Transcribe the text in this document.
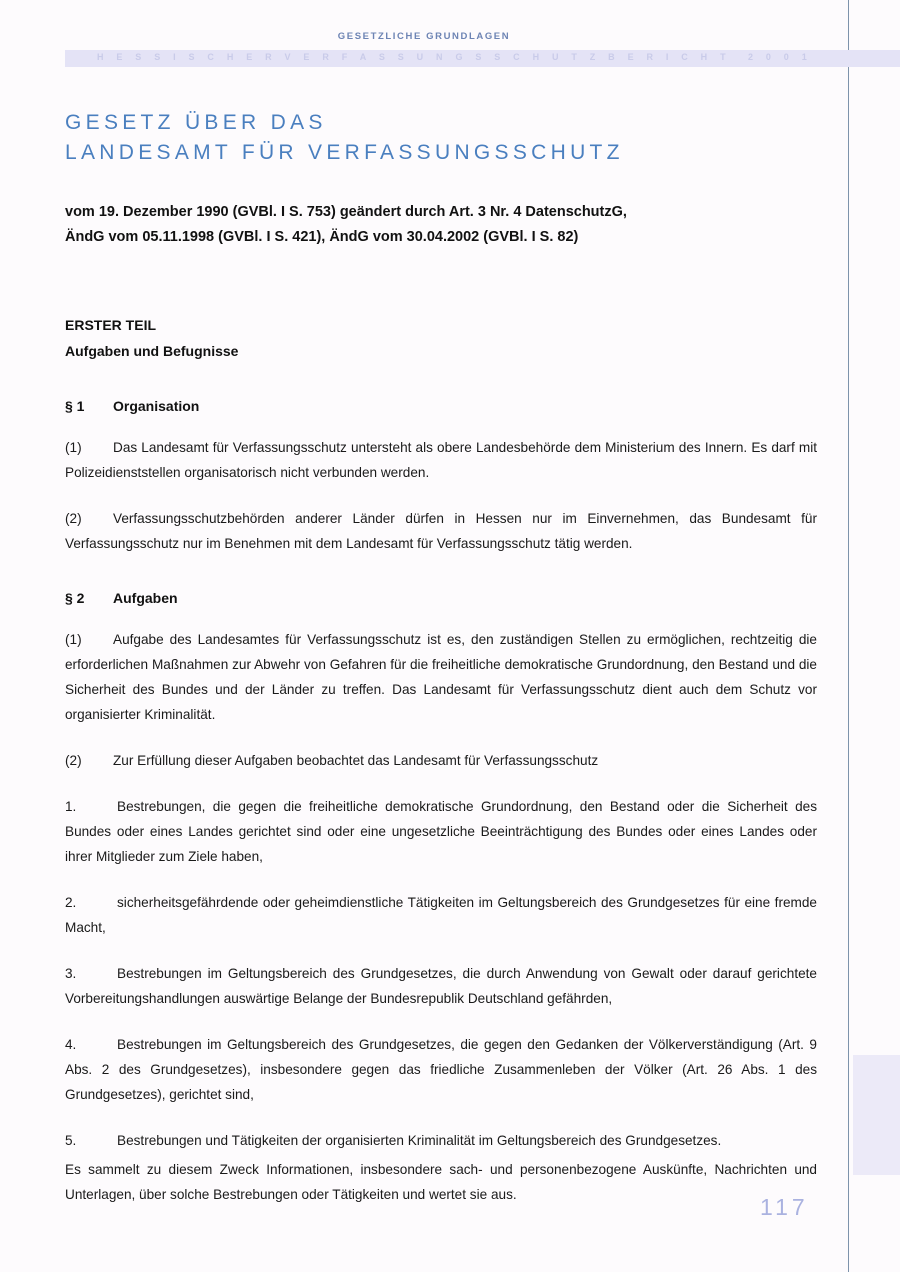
GESETZLICHE GRUNDLAGEN
H E S S I S C H E R V E R F A S S U N G S S C H U T Z B E R I C H T	2 0 0 1
GESETZ ÜBER DAS
LANDESAMT FÜR VERFASSUNGSSCHUTZ
vom 19. Dezember 1990 (GVBl. I S. 753) geändert durch Art. 3 Nr. 4 DatenschutzG,
ÄndG vom 05.11.1998 (GVBl. I S. 421), ÄndG vom 30.04.2002 (GVBl. I S. 82)
ERSTER TEIL
Aufgaben und Befugnisse
§ 1 Organisation

(1) Das Landesamt für Verfassungsschutz untersteht als obere Landesbehörde dem Ministerium des Innern. Es darf mit Polizeidienststellen organisatorisch nicht verbunden werden.

(2) Verfassungsschutzbehörden anderer Länder dürfen in Hessen nur im Einvernehmen, das Bundesamt für Verfassungsschutz nur im Benehmen mit dem Landesamt für Verfassungsschutz tätig werden.

§ 2 Aufgaben

(1) Aufgabe des Landesamtes für Verfassungsschutz ist es, den zuständigen Stellen zu ermöglichen, rechtzeitig die erforderlichen Maßnahmen zur Abwehr von Gefahren für die freiheitliche demokratische Grundordnung, den Bestand und die Sicherheit des Bundes und der Länder zu treffen. Das Landesamt für Verfassungsschutz dient auch dem Schutz vor organisierter Kriminalität.

(2) Zur Erfüllung dieser Aufgaben beobachtet das Landesamt für Verfassungsschutz

1.	Bestrebungen, die gegen die freiheitliche demokratische Grundordnung, den Bestand oder die Sicherheit des Bundes oder eines Landes gerichtet sind oder eine ungesetzliche Beeinträchtigung des Bundes oder eines Landes oder ihrer Mitglieder zum Ziele haben,

2.	sicherheitsgefährdende oder geheimdienstliche Tätigkeiten im Geltungsbereich des Grundgesetzes für eine fremde Macht,

3.	Bestrebungen im Geltungsbereich des Grundgesetzes, die durch Anwendung von Gewalt oder darauf gerichtete Vorbereitungshandlungen auswärtige Belange der Bundesrepublik Deutschland gefährden,

4.	Bestrebungen im Geltungsbereich des Grundgesetzes, die gegen den Gedanken der Völkerverständigung (Art. 9 Abs. 2 des Grundgesetzes), insbesondere gegen das friedliche Zusammenleben der Völker (Art. 26 Abs. 1 des Grundgesetzes), gerichtet sind,

5.	Bestrebungen und Tätigkeiten der organisierten Kriminalität im Geltungsbereich des Grundgesetzes.

Es sammelt zu diesem Zweck Informationen, insbesondere sach- und personenbezogene Auskünfte, Nachrichten und Unterlagen, über solche Bestrebungen oder Tätigkeiten und wertet sie aus.	117
